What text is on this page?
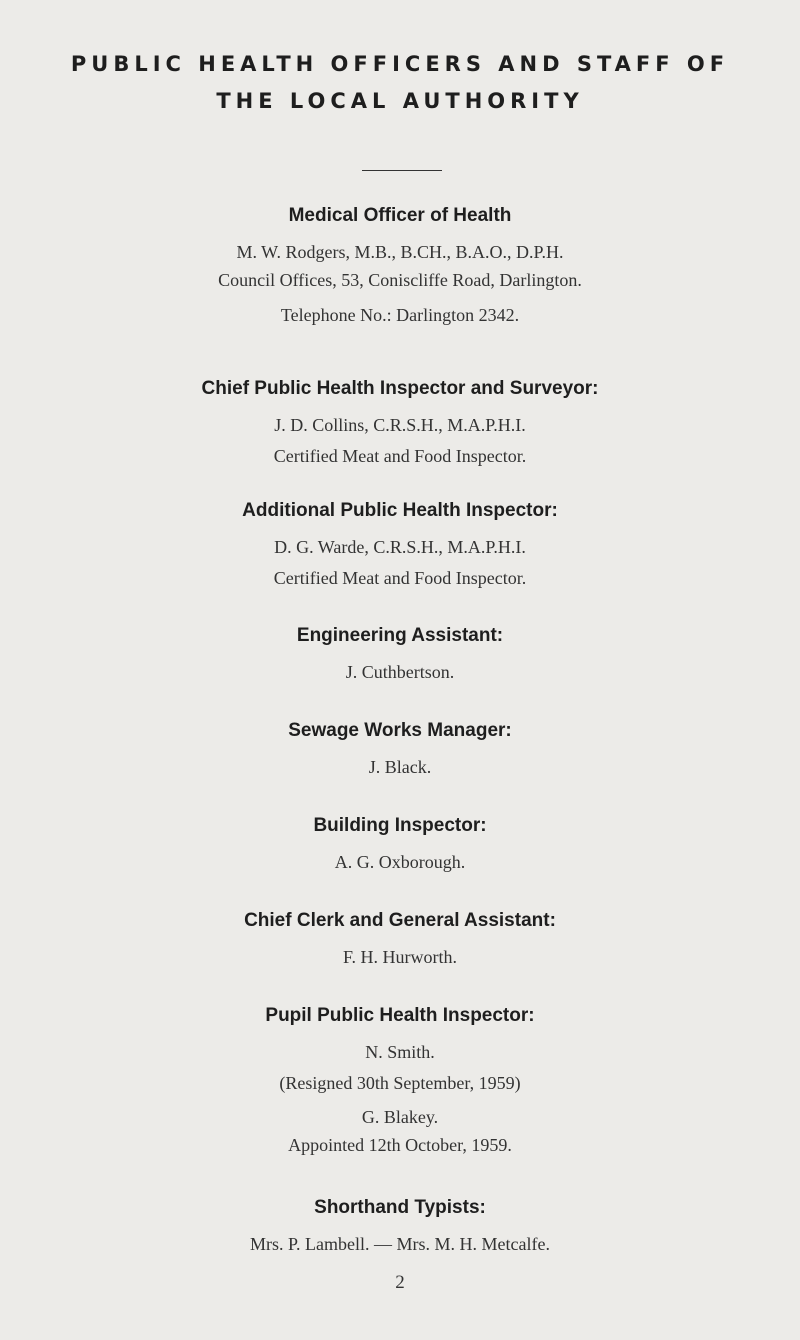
PUBLIC HEALTH OFFICERS AND STAFF OF
THE LOCAL AUTHORITY

Medical Officer of Health

M. W. Rodgers, M.B., B.CH., B.A.O., D.P.H.

Council Offices, 53, Coniscliffe Road, Darlington.

Telephone No.: Darlington 2342.

Chief Public Health Inspector and Surveyor:

J. D. Collins, C.R.S.H., M.A.P.H.I.

Certified Meat and Food Inspector.

Additional Public Health Inspector:

D. G. Warde, C.R.S.H., M.A.P.H.I.

Certified Meat and Food Inspector.

Engineering Assistant:

J. Cuthbertson.

Sewage Works Manager:

J. Black.

Building Inspector:

A. G. Oxborough.

Chief Clerk and General Assistant:

F. H. Hurworth.

Pupil Public Health Inspector:

N. Smith.

(Resigned 30th September, 1959)

G. Blakey.

Appointed 12th October, 1959.

Shorthand Typists:

Mrs. P. Lambell. — Mrs. M. H. Metcalfe.

2
